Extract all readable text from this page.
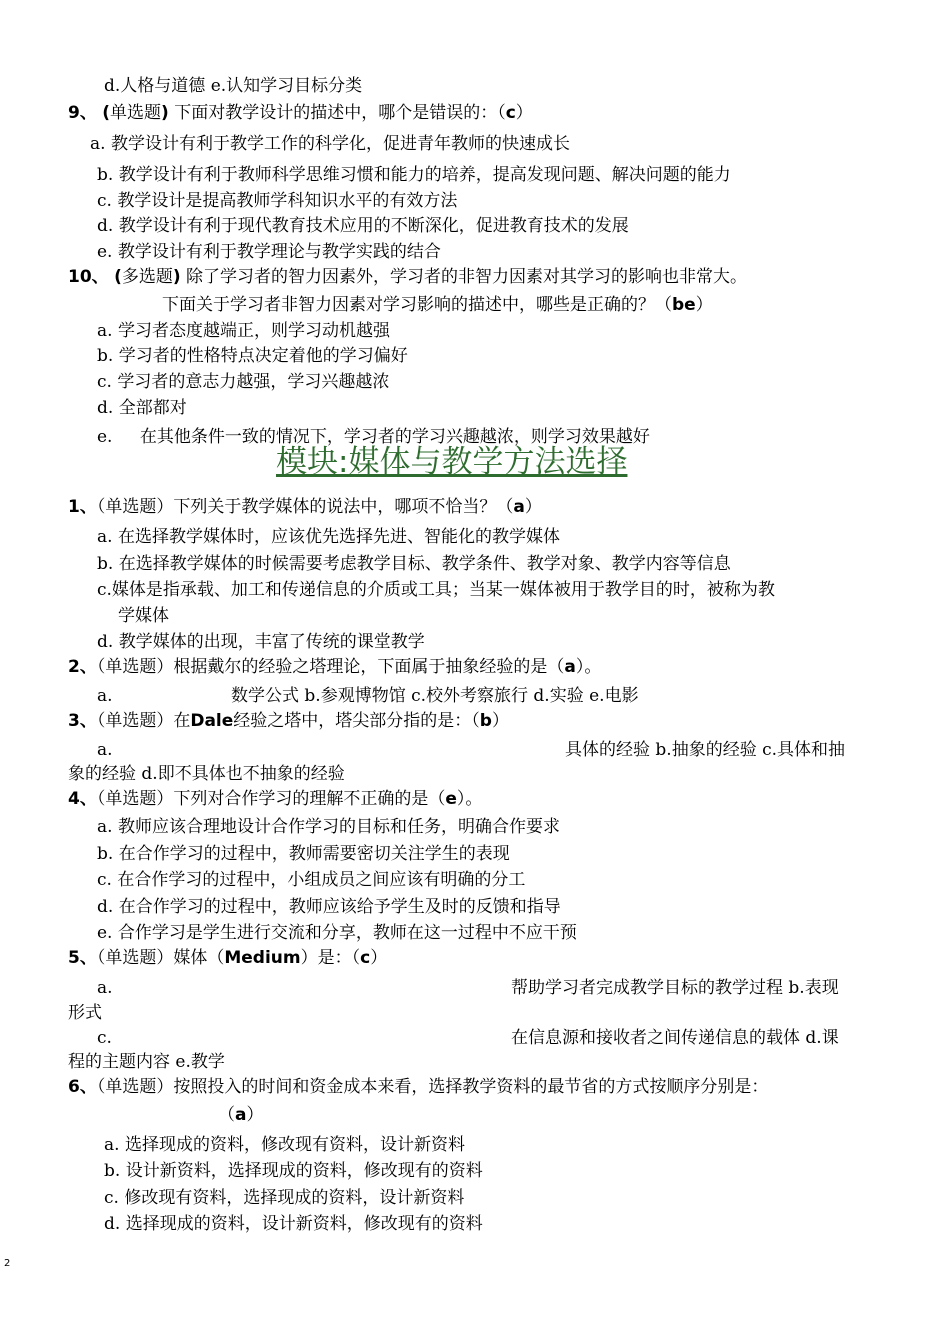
d.人格与道德 e.认知学习目标分类
9、 (单选题) 下面对教学设计的描述中，哪个是错误的：（c）
a. 教学设计有利于教学工作的科学化，促进青年教师的快速成长
b. 教学设计有利于教师科学思维习惯和能力的培养，提高发现问题、解决问题的能力
c. 教学设计是提高教师学科知识水平的有效方法
d. 教学设计有利于现代教育技术应用的不断深化，促进教育技术的发展
e. 教学设计有利于教学理论与教学实践的结合
10、 (多选题) 除了学习者的智力因素外，学习者的非智力因素对其学习的影响也非常大。
下面关于学习者非智力因素对学习影响的描述中，哪些是正确的？（be）
a. 学习者态度越端正，则学习动机越强
b. 学习者的性格特点决定着他的学习偏好
c. 学习者的意志力越强，学习兴趣越浓
d. 全部都对
e. 在其他条件一致的情况下，学习者的学习兴趣越浓，则学习效果越好
模块:媒体与教学方法选择
1、（单选题）下列关于教学媒体的说法中，哪项不恰当？（a）
a. 在选择教学媒体时，应该优先选择先进、智能化的教学媒体
b. 在选择教学媒体的时候需要考虑教学目标、教学条件、教学对象、教学内容等信息
c.媒体是指承载、加工和传递信息的介质或工具；当某一媒体被用于教学目的时，被称为教
学媒体
d. 教学媒体的出现，丰富了传统的课堂教学
2、（单选题）根据戴尔的经验之塔理论，下面属于抽象经验的是（a）。
a.	数学公式 b.参观博物馆 c.校外考察旅行 d.实验 e.电影
3、（单选题）在Dale经验之塔中，塔尖部分指的是：（b）
a.	具体的经验 b.抽象的经验 c.具体和抽
象的经验 d.即不具体也不抽象的经验
4、（单选题）下列对合作学习的理解不正确的是（e）。
a. 教师应该合理地设计合作学习的目标和任务，明确合作要求
b. 在合作学习的过程中，教师需要密切关注学生的表现
c. 在合作学习的过程中，小组成员之间应该有明确的分工
d. 在合作学习的过程中，教师应该给予学生及时的反馈和指导
e. 合作学习是学生进行交流和分享，教师在这一过程中不应干预
5、（单选题）媒体（Medium）是：（c）
a.	帮助学习者完成教学目标的教学过程 b.表现
形式
c.	在信息源和接收者之间传递信息的载体 d.课
程的主题内容 e.教学
6、（单选题）按照投入的时间和资金成本来看，选择教学资料的最节省的方式按顺序分别是：
（a）
a. 选择现成的资料，修改现有资料，设计新资料
b. 设计新资料，选择现成的资料，修改现有的资料
c. 修改现有资料，选择现成的资料，设计新资料
d. 选择现成的资料，设计新资料，修改现有的资料
2
